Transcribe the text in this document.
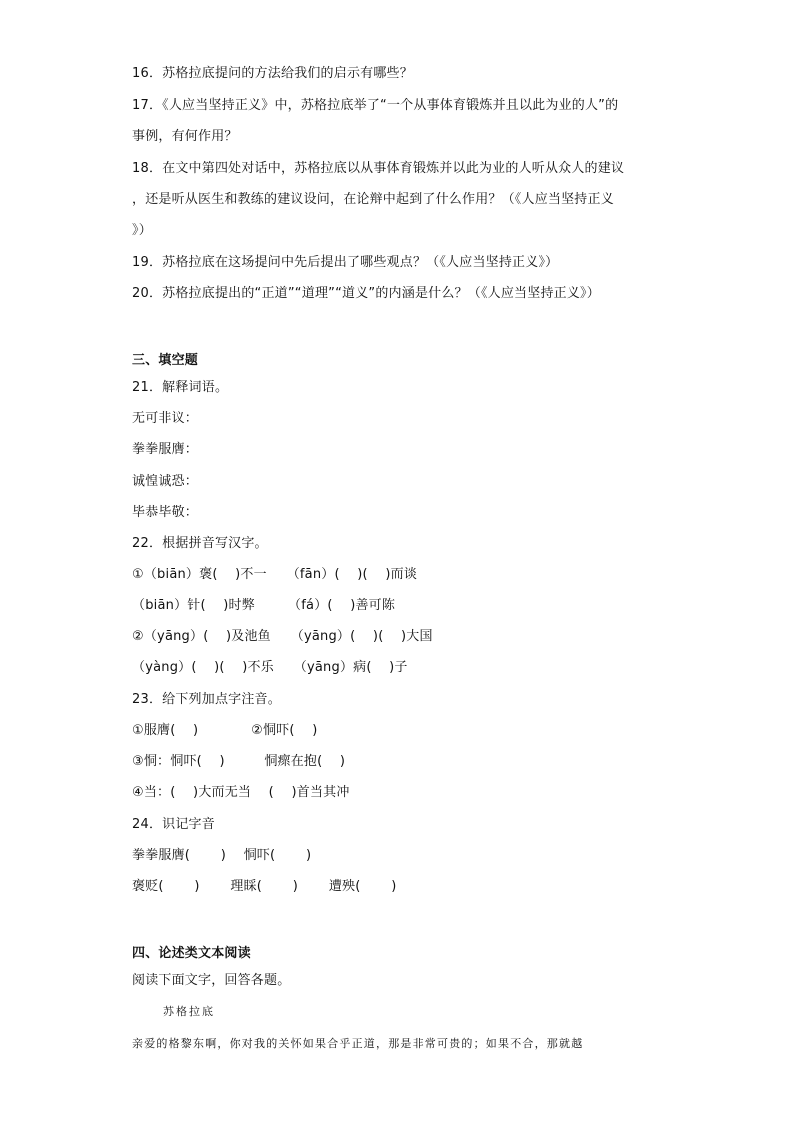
16．苏格拉底提问的方法给我们的启示有哪些？
17．《人应当坚持正义》中，苏格拉底举了“一个从事体育锻炼并且以此为业的人”的
事例，有何作用？
18．在文中第四处对话中，苏格拉底以从事体育锻炼并以此为业的人听从众人的建议
，还是听从医生和教练的建议设问，在论辩中起到了什么作用？（《人应当坚持正义
》）
19．苏格拉底在这场提问中先后提出了哪些观点？（《人应当坚持正义》）
20．苏格拉底提出的“正道”“道理”“道义”的内涵是什么？（《人应当坚持正义》）
三、填空题
21．解释词语。
无可非议：
拳拳服膺：
诚惶诚恐：
毕恭毕敬：
22．根据拼音写汉字。
①（biān）褒(　 )不一　　（fān）(　 )(　 )而谈
（biān）针(　 )时弊　　　（fá）(　 )善可陈
②（yāng）(　 )及池鱼　　（yāng）(　 )(　 )大国
（yàng）(　 )(　 )不乐　　（yāng）病(　 )子
23．给下列加点字注音。
①服膺(　 )　　　　②恫吓(　 )
③恫：恫吓(　 )　　　恫瘝在抱(　 )
④当：(　 )大而无当　 (　 )首当其冲
24．识记字音
拳拳服膺(　　 )　 恫吓(　　 )
褒贬(　　 )　　 理睬(　　 )　　 遭殃(　　 )
四、论述类文本阅读
阅读下面文字，回答各题。
苏格拉底
亲爱的格黎东啊，你对我的关怀如果合乎正道，那是非常可贵的；如果不合，那就越
